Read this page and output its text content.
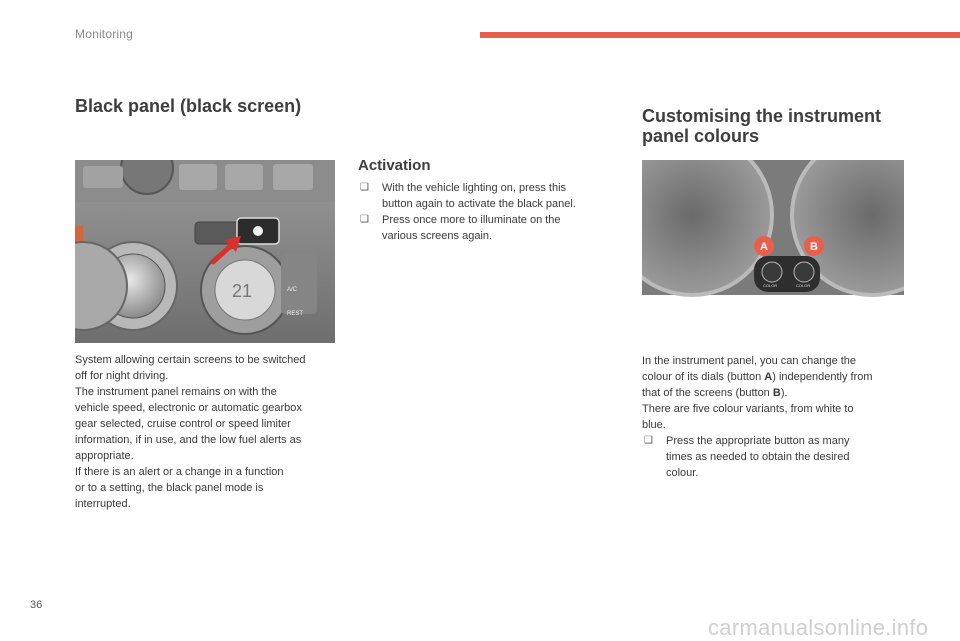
Monitoring
Black panel (black screen)
21	A/C
REST
Activation
❑ With the vehicle lighting on, press this
button again to activate the black panel.
❑ Press once more to illuminate on the
various screens again.

System allowing certain screens to be switched
off for night driving.
The instrument panel remains on with the
vehicle speed, electronic or automatic gearbox
gear selected, cruise control or speed limiter
information, if in use, and the low fuel alerts as
appropriate.
If there is an alert or a change in a function
or to a setting, the black panel mode is
interrupted.

Customising the instrument
panel colours
COLOR	COLOR
A	B

In the instrument panel, you can change the
colour of its dials (button A) independently from
that of the screens (button B).
There are five colour variants, from white to
blue.

❑ Press the appropriate button as many
times as needed to obtain the desired
colour.
36
carmanualsonline.info
